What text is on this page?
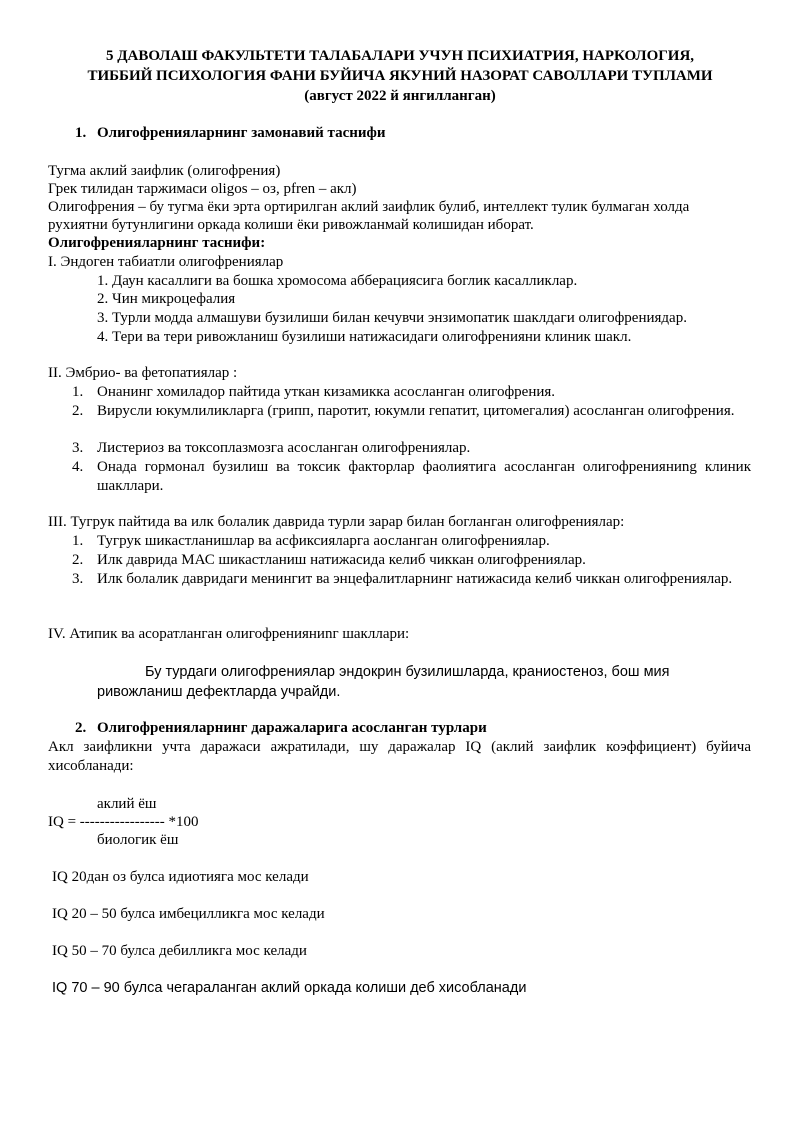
5 ДАВОЛАШ ФАКУЛЬТЕТИ ТАЛАБАЛАРИ УЧУН ПСИХИАТРИЯ, НАРКОЛОГИЯ,
ТИББИЙ ПСИХОЛОГИЯ ФАНИ БУЙИЧА ЯКУНИЙ НАЗОРАТ САВОЛЛАРИ ТУПЛАМИ
(август 2022 й янгилланган)
1. Олигофренияларнинг замонавий таснифи
Тугма аклий заифлик (олигофрения)
Грек тилидан таржимаси oligos – оз, pfren – акл)
Олигофрения – бу тугма ёки эрта ортирилган аклий заифлик булиб, интеллект тулик булмаган холда
рухиятни бутунлигини оркада колиши ёки ривожланмай колишидан иборат.
Олигофренияларнинг таснифи:
I. Эндоген табиатли олигофрениялар
1. Даун касаллиги ва бошка хромосома абберацияcига боглик касалликлар.
2. Чин микроцефалия
3. Турли модда алмашуви бузилиши билан кечувчи энзимопатик шаклдаги олигофрениядар.
4. Тери ва тери ривожланиш бузилиши натижасидаги олигофренияни клиник шакл.
II. Эмбрио- ва фетопатиялар :
1. Онанинг хомиладор пайтида уткан кизамикка асосланган олигофрения.
2. Вирусли юкумлиликларга (грипп, паротит, юкумли гепатит, цитомегалия) асосланган олигофрения.
3. Листериоз ва токсоплазмозга асосланган олигофрениялар.
4. Онада гормонал бузилиш ва токсик факторлар фаолиятига асосланган олигофренияниng клиник шакллари.
III. Тугрук пайтида ва илк болалик даврида турли зарар билан богланган олигофрениялар:
1. Тугрук шикастланишлар ва асфиксияларга аосланган олигофрениялар.
2. Илк даврида МАС шикастланиш натижасида келиб чиккан олигофрениялар.
3. Илк болалик давридаги менингит ва энцефалитларнинг натижасида келиб чиккан олигофрениялар.
IV. Атипик ва асоратланган олигофренияниnг шакллари:
Бу турдаги олигофрениялар эндокрин бузилишларда, краниостеноз, бош мия
ривожланиш дефектларда учрайди.
2. Олигофренияларнинг даражаларига асосланган турлари
Акл заифликни учта даражаси ажратилади, шу даражалар IQ (аклий заифлик коэффициент) буйича хисобланади:
аклий ёш
IQ = ----------------- *100
биологик ёш
IQ 20дан оз булса идиотияга мос келади
IQ 20 – 50 булса имбецилликга мос келади
IQ 50 – 70 булса дебилликга мос келади
IQ 70 – 90 булса чегараланган аклий оркада колиши деб хисобланади
